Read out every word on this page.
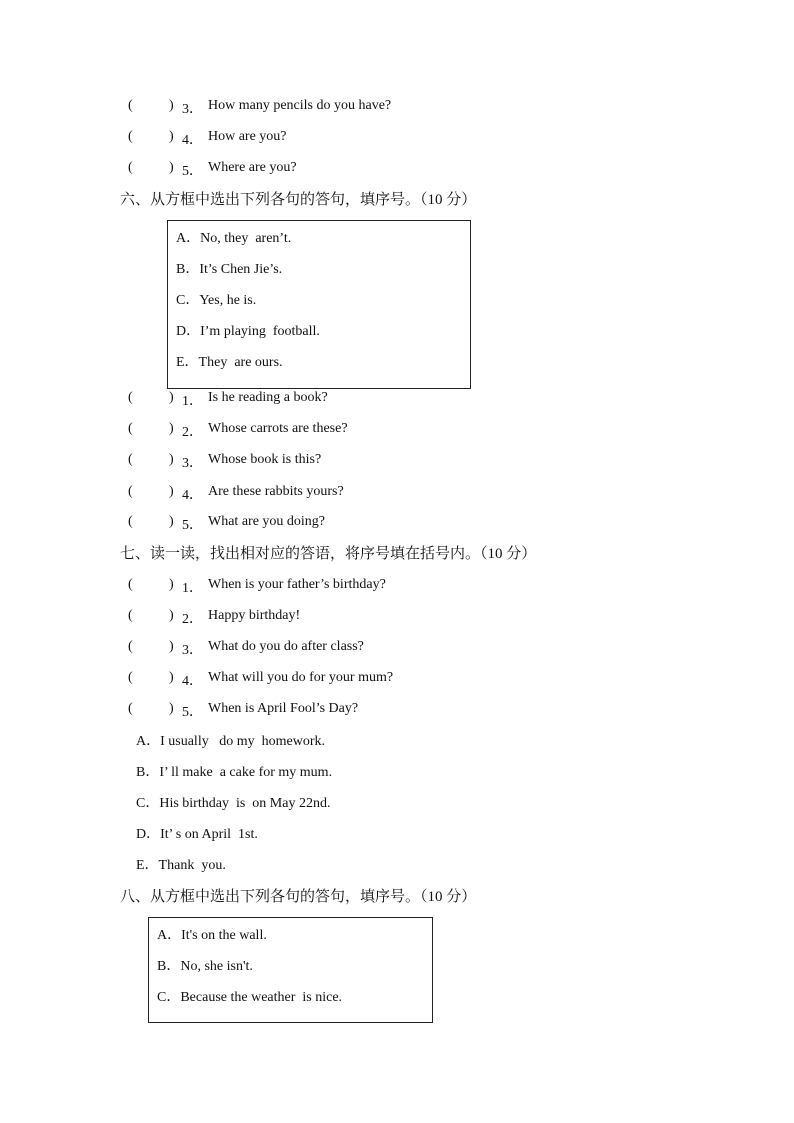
(	) 3． How many pencils do you have?
(	) 4． How are you?
(	) 5． Where are you?
六、从方框中选出下列各句的答句，填序号。（10 分）
A．No, they  aren’t.
B．It’s Chen Jie’s.
C．Yes, he is.
D．I’m playing  football.
E．They  are ours.
(	) 1． Is he reading a book?
(	) 2． Whose carrots are these?
(	) 3． Whose book is this?
(	) 4． Are these rabbits yours?
(	) 5． What are you doing?
七、读一读，找出相对应的答语，将序号填在括号内。（10 分）
(	) 1． When is your father’s birthday?
(	) 2． Happy birthday!
(	) 3． What do you do after class?
(	) 4． What will you do for your mum?
(	) 5． When is April Fool’s Day?
A．I usually   do my  homework.
B．I’ ll make  a cake for my mum.
C．His birthday  is  on May 22nd.
D．It’ s on April  1st.
E．Thank  you.
八、从方框中选出下列各句的答句，填序号。（10 分）
A．It's on the wall.
B．No, she isn't.
C．Because the weather  is nice.
